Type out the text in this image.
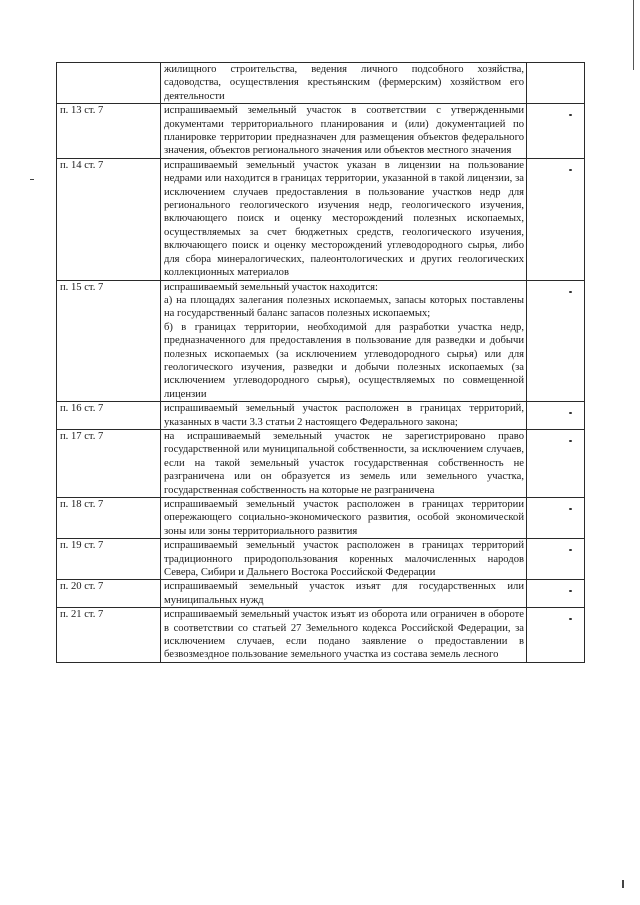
	жилищного строительства, ведения личного подсобного хозяйства, садоводства, осуществления крестьянским (фермерским) хозяйством его деятельности	

п. 13 ст. 7	испрашиваемый земельный участок в соответствии с утвержденными документами территориального планирования и (или) документацией по планировке территории предназначен для размещения объектов федерального значения, объектов регионального значения или объектов местного значения	

п. 14 ст. 7	испрашиваемый земельный участок указан в лицензии на пользование недрами или находится в границах территории, указанной в такой лицензии, за исключением случаев предоставления в пользование участков недр для регионального геологического изучения недр, геологического изучения, включающего поиск и оценку месторождений полезных ископаемых, осуществляемых за счет бюджетных средств, геологического изучения, включающего поиск и оценку месторождений углеводородного сырья, либо для сбора минералогических, палеонтологических и других геологических коллекционных материалов	

п. 15 ст. 7	испрашиваемый земельный участок находится:

а) на площадях залегания полезных ископаемых, запасы которых поставлены на государственный баланс запасов полезных ископаемых;

б) в границах территории, необходимой для разработки участка недр, предназначенного для предоставления в пользование для разведки и добычи полезных ископаемых (за исключением углеводородного сырья) или для геологического изучения, разведки и добычи полезных ископаемых (за исключением углеводородного сырья), осуществляемых по совмещенной лицензии	

п. 16 ст. 7	испрашиваемый земельный участок расположен в границах территорий, указанных в части 3.3 статьи 2 настоящего Федерального закона;	

п. 17 ст. 7	на испрашиваемый земельный участок не зарегистрировано право государственной или муниципальной собственности, за исключением случаев, если на такой земельный участок государственная собственность не разграничена или он образуется из земель или земельного участка, государственная собственность на которые не разграничена	

п. 18 ст. 7	испрашиваемый земельный участок расположен в границах территории опережающего социально-экономического развития, особой экономической зоны или зоны территориального развития	

п. 19 ст. 7	испрашиваемый земельный участок расположен в границах территорий традиционного природопользования коренных малочисленных народов Севера, Сибири и Дальнего Востока Российской Федерации	

п. 20 ст. 7	испрашиваемый земельный участок изъят для государственных или муниципальных нужд	

п. 21 ст. 7	испрашиваемый земельный участок изъят из оборота или ограничен в обороте в соответствии со статьей 27 Земельного кодекса Российской Федерации, за исключением случаев, если подано заявление о предоставлении в безвозмездное пользование земельного участка из состава земель лесного	
